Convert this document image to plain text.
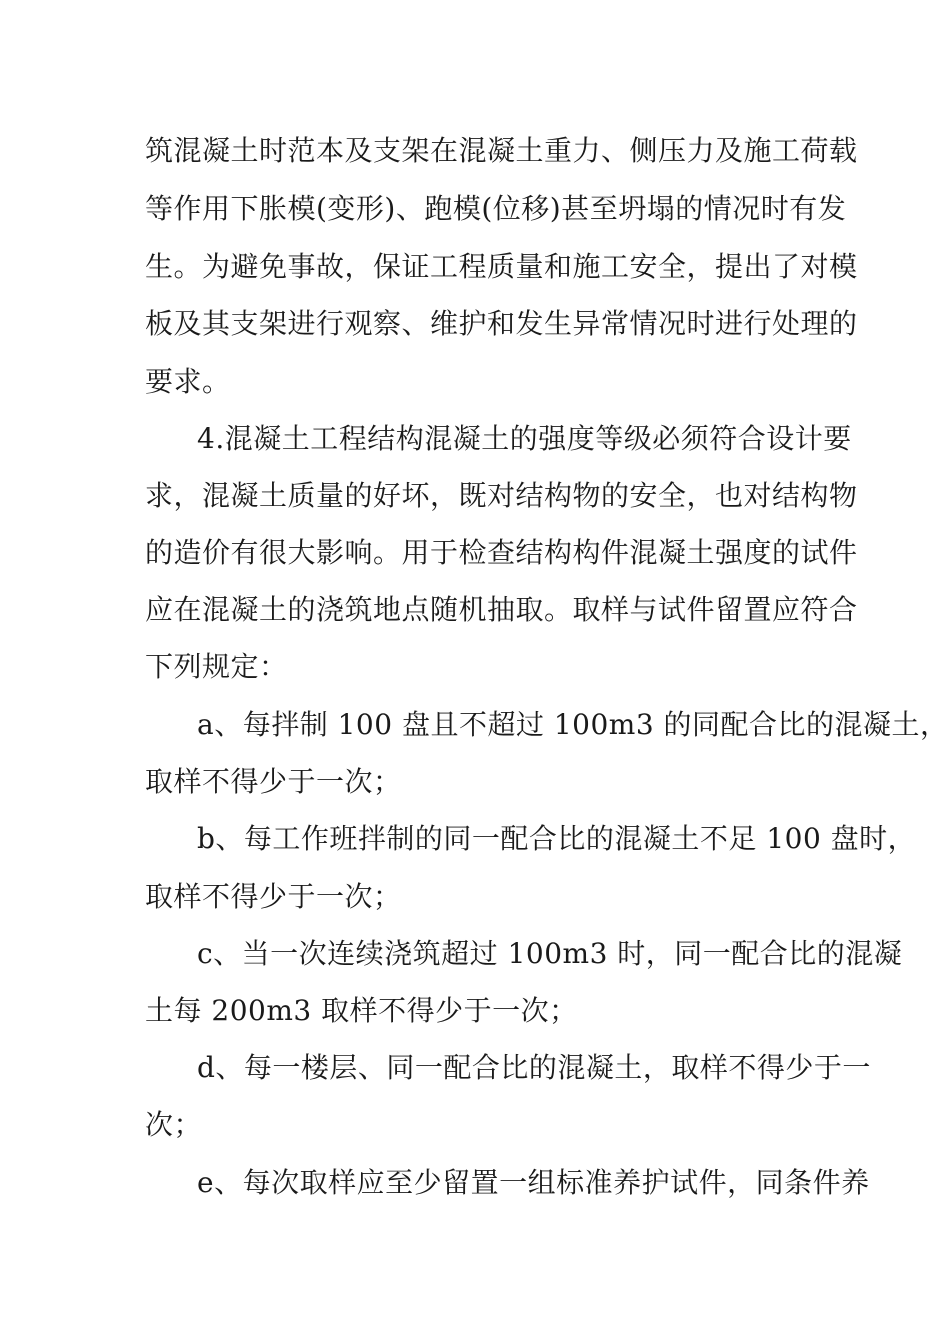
筑混凝土时范本及支架在混凝土重力、侧压力及施工荷载
等作用下胀模(变形)、跑模(位移)甚至坍塌的情况时有发
生。为避免事故，保证工程质量和施工安全，提出了对模
板及其支架进行观察、维护和发生异常情况时进行处理的
要求。
4.混凝土工程结构混凝土的强度等级必须符合设计要
求，混凝土质量的好坏，既对结构物的安全，也对结构物
的造价有很大影响。用于检查结构构件混凝土强度的试件
应在混凝土的浇筑地点随机抽取。取样与试件留置应符合
下列规定：
a、每拌制 100 盘且不超过 100m3 的同配合比的混凝土，
取样不得少于一次；
b、每工作班拌制的同一配合比的混凝土不足 100 盘时，
取样不得少于一次；
c、当一次连续浇筑超过 100m3 时，同一配合比的混凝
土每 200m3 取样不得少于一次；
d、每一楼层、同一配合比的混凝土，取样不得少于一
次；
e、每次取样应至少留置一组标准养护试件，同条件养
